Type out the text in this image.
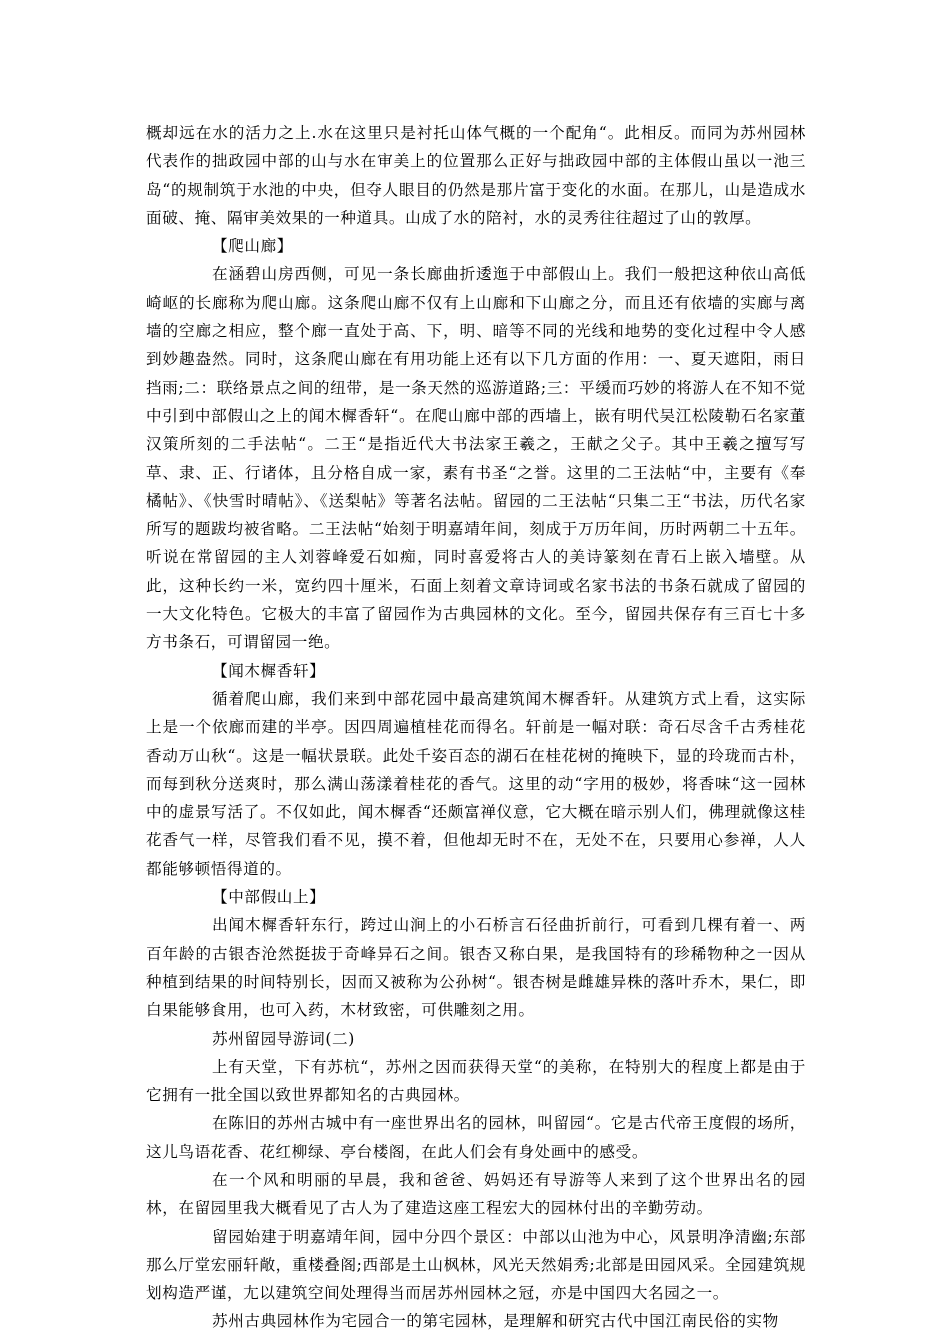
概却远在水的活力之上.水在这里只是衬托山体气概的一个配角“。此相反。而同为苏州园林代表作的拙政园中部的山与水在审美上的位置那么正好与拙政园中部的主体假山虽以一池三岛“的规制筑于水池的中央，但夺人眼目的仍然是那片富于变化的水面。在那儿，山是造成水面破、掩、隔审美效果的一种道具。山成了水的陪衬，水的灵秀往往超过了山的敦厚。

【爬山廊】

在涵碧山房西侧，可见一条长廊曲折逶迤于中部假山上。我们一般把这种依山高低崎岖的长廊称为爬山廊。这条爬山廊不仅有上山廊和下山廊之分，而且还有依墙的实廊与离墙的空廊之相应，整个廊一直处于高、下，明、暗等不同的光线和地势的变化过程中令人感到妙趣盎然。同时，这条爬山廊在有用功能上还有以下几方面的作用：一、夏天遮阳，雨日挡雨;二：联络景点之间的纽带，是一条天然的巡游道路;三：平缓而巧妙的将游人在不知不觉中引到中部假山之上的闻木樨香轩“。在爬山廊中部的西墙上，嵌有明代吴江松陵勒石名家董汉策所刻的二手法帖“。二王“是指近代大书法家王羲之，王献之父子。其中王羲之擅写写草、隶、正、行诸体，且分格自成一家，素有书圣“之誉。这里的二王法帖“中，主要有《奉橘帖》、《快雪时晴帖》、《送梨帖》等著名法帖。留园的二王法帖“只集二王“书法，历代名家所写的题跋均被省略。二王法帖“始刻于明嘉靖年间，刻成于万历年间，历时两朝二十五年。听说在常留园的主人刘蓉峰爱石如痴，同时喜爱将古人的美诗篆刻在青石上嵌入墙壁。从此，这种长约一米，宽约四十厘米，石面上刻着文章诗词或名家书法的书条石就成了留园的一大文化特色。它极大的丰富了留园作为古典园林的文化。至今，留园共保存有三百七十多方书条石，可谓留园一绝。

【闻木樨香轩】

循着爬山廊，我们来到中部花园中最高建筑闻木樨香轩。从建筑方式上看，这实际上是一个依廊而建的半亭。因四周遍植桂花而得名。轩前是一幅对联：奇石尽含千古秀桂花香动万山秋“。这是一幅状景联。此处千姿百态的湖石在桂花树的掩映下，显的玲珑而古朴，而每到秋分送爽时，那么满山荡漾着桂花的香气。这里的动“字用的极妙，将香味“这一园林中的虚景写活了。不仅如此，闻木樨香“还颇富禅仪意，它大概在暗示别人们，佛理就像这桂花香气一样，尽管我们看不见，摸不着，但他却无时不在，无处不在，只要用心参禅，人人都能够顿悟得道的。

【中部假山上】

出闻木樨香轩东行，跨过山涧上的小石桥言石径曲折前行，可看到几棵有着一、两百年龄的古银杏沧然挺拔于奇峰异石之间。银杏又称白果，是我国特有的珍稀物种之一因从种植到结果的时间特别长，因而又被称为公孙树“。银杏树是雌雄异株的落叶乔木，果仁，即白果能够食用，也可入药，木材致密，可供雕刻之用。

苏州留园导游词(二)

上有天堂，下有苏杭“，苏州之因而获得天堂“的美称，在特别大的程度上都是由于它拥有一批全国以致世界都知名的古典园林。

在陈旧的苏州古城中有一座世界出名的园林，叫留园“。它是古代帝王度假的场所，这儿鸟语花香、花红柳绿、亭台楼阁，在此人们会有身处画中的感受。

在一个风和明丽的早晨，我和爸爸、妈妈还有导游等人来到了这个世界出名的园林，在留园里我大概看见了古人为了建造这座工程宏大的园林付出的辛勤劳动。

留园始建于明嘉靖年间，园中分四个景区：中部以山池为中心，风景明净清幽;东部那么厅堂宏丽轩敞，重楼叠阁;西部是土山枫林，风光天然娟秀;北部是田园风采。全园建筑规划构造严谨，尢以建筑空间处理得当而居苏州园林之冠，亦是中国四大名园之一。

苏州古典园林作为宅园合一的第宅园林，是理解和研究古代中国江南民俗的实物
